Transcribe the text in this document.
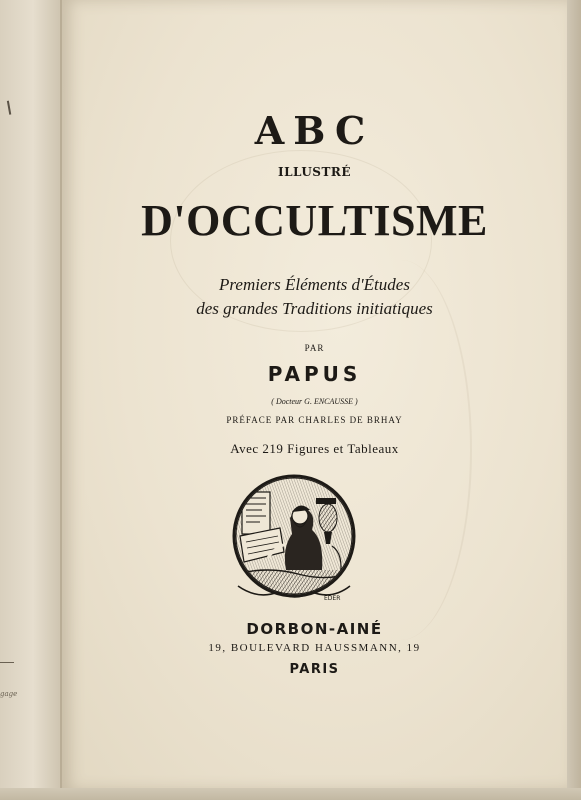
gage
ABC
ILLUSTRÉ
D'OCCULTISME
Premiers Éléments d'Études
des grandes Traditions initiatiques
PAR
PAPUS
( Docteur G. ENCAUSSE )
PRÉFACE PAR CHARLES DE BRHAY
Avec 219 Figures et Tableaux
EDER
DORBON-AINÉ
19, BOULEVARD HAUSSMANN, 19
PARIS
